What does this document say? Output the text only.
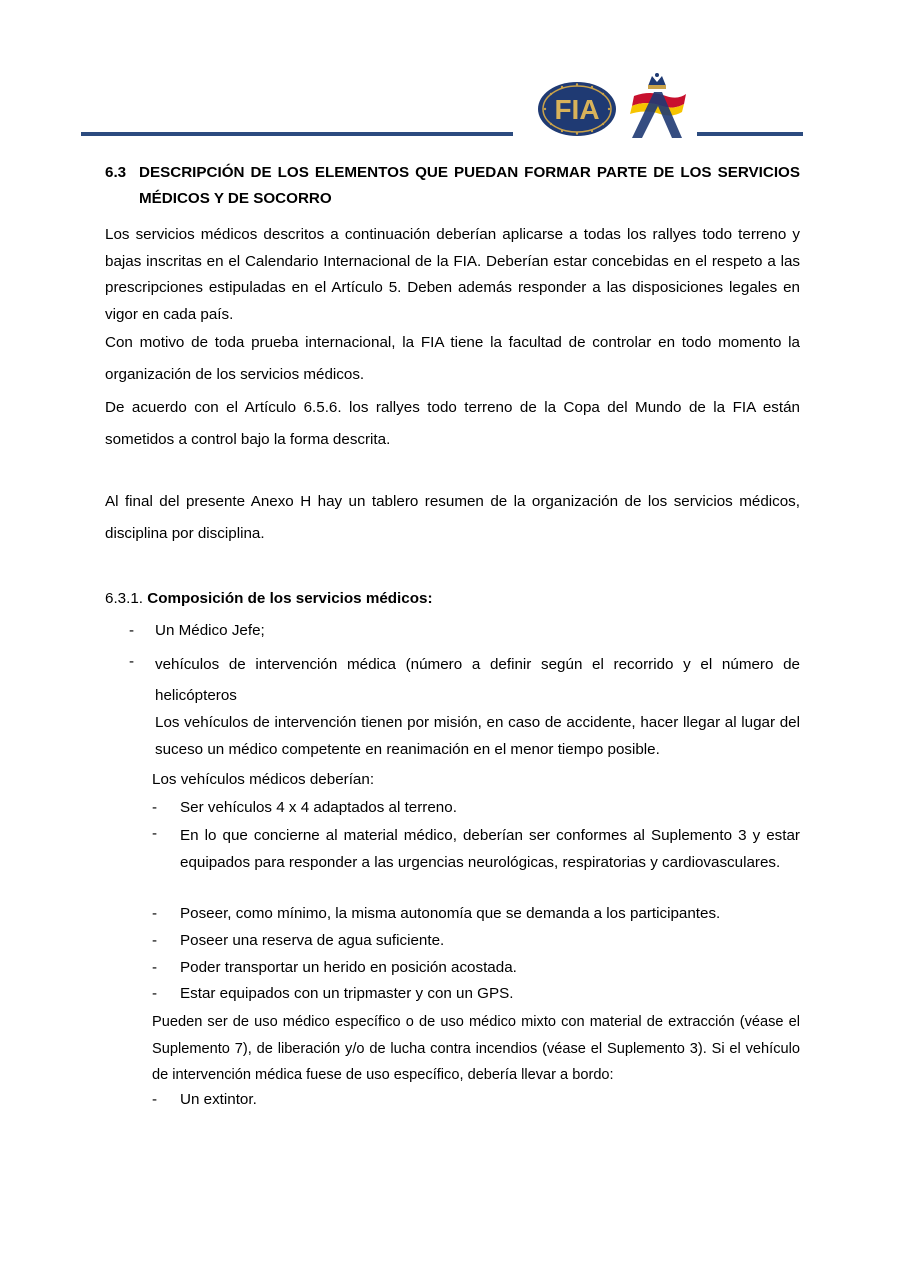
FIA
A
6.3 DESCRIPCIÓN DE LOS ELEMENTOS QUE PUEDAN FORMAR PARTE DE LOS SERVICIOS MÉDICOS Y DE SOCORRO
Los servicios médicos descritos a continuación deberían aplicarse a todas los rallyes todo terreno y bajas inscritas en el Calendario Internacional de la FIA. Deberían estar concebidas en el respeto a las prescripciones estipuladas en el Artículo 5. Deben además responder a las disposiciones legales en vigor en cada país.
Con motivo de toda prueba internacional, la FIA tiene la facultad de controlar en todo momento la organización de los servicios médicos.
De acuerdo con el Artículo 6.5.6. los rallyes todo terreno de la Copa del Mundo de la FIA están sometidos a control bajo la forma descrita.
Al final del presente Anexo H hay un tablero resumen de la organización de los servicios médicos, disciplina por disciplina.
6.3.1. Composición de los servicios médicos:
- Un Médico Jefe;
- vehículos de intervención médica (número a definir según el recorrido y el número de helicópteros
Los vehículos de intervención tienen por misión, en caso de accidente, hacer llegar al lugar del suceso un médico competente en reanimación en el menor tiempo posible.
Los vehículos médicos deberían:
- Ser vehículos 4 x 4 adaptados al terreno.
- En lo que concierne al material médico, deberían ser conformes al Suplemento 3 y estar equipados para responder a las urgencias neurológicas, respiratorias y cardiovasculares.
- Poseer, como mínimo, la misma autonomía que se demanda a los participantes.
- Poseer una reserva de agua suficiente.
- Poder transportar un herido en posición acostada.
- Estar equipados con un tripmaster y con un GPS.
Pueden ser de uso médico específico o de uso médico mixto con material de extracción (véase el Suplemento 7), de liberación y/o de lucha contra incendios (véase el Suplemento 3). Si el vehículo de intervención médica fuese de uso específico, debería llevar a bordo:
- Un extintor.
